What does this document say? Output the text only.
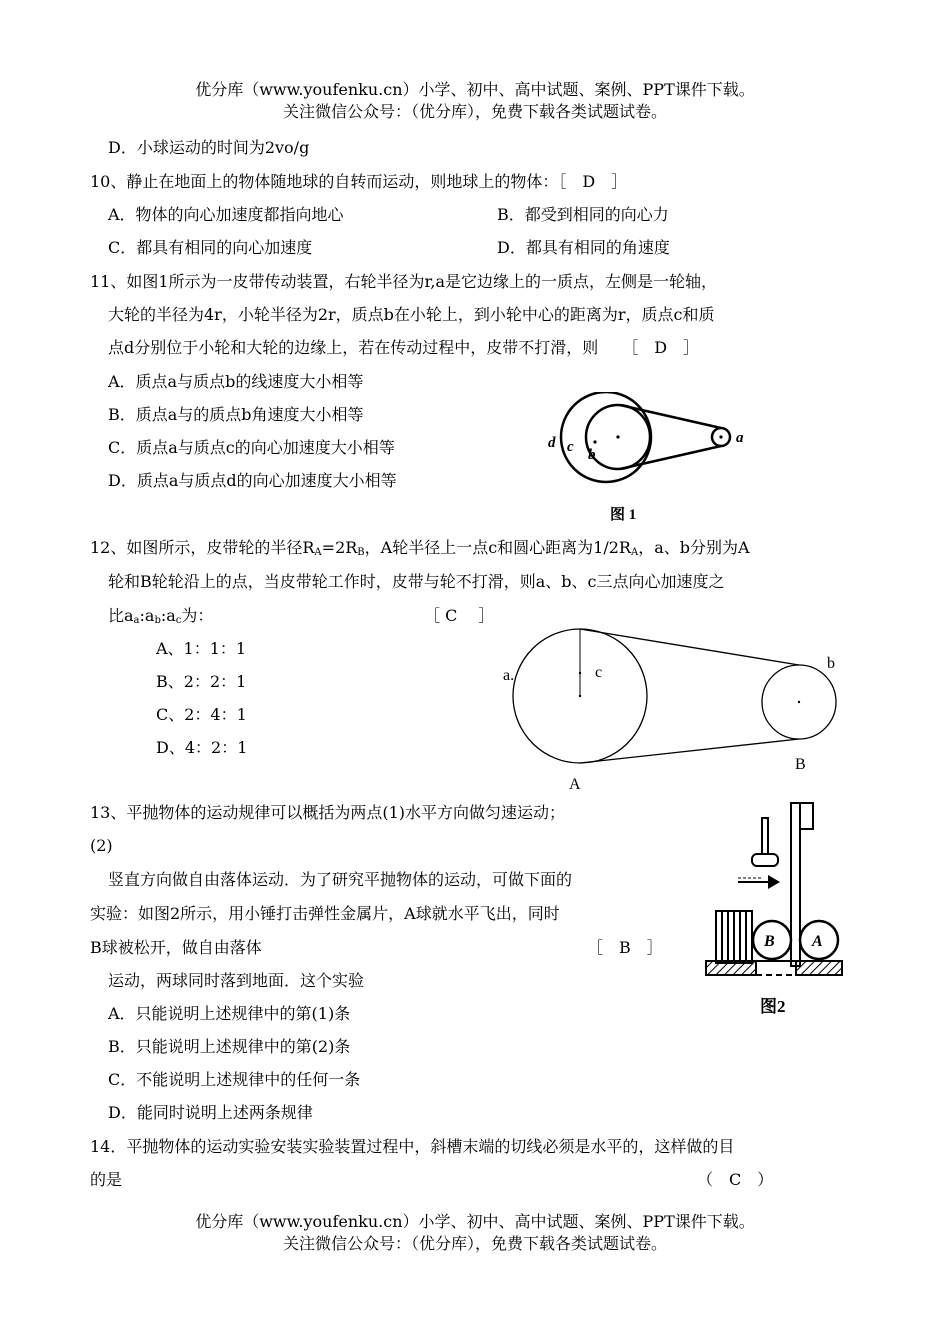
优分库（www.youfenku.cn）小学、初中、高中试题、案例、PPT课件下载。
关注微信公众号：（优分库），免费下载各类试题试卷。
D．小球运动的时间为2vo/g
10、静止在地面上的物体随地球的自转而运动，则地球上的物体：［　D　］
A．物体的向心加速度都指向地心	B．都受到相同的向心力
C．都具有相同的向心加速度	D．都具有相同的角速度
11、如图1所示为一皮带传动装置，右轮半径为r,a是它边缘上的一质点，左侧是一轮轴，
大轮的半径为4r，小轮半径为2r，质点b在小轮上，到小轮中心的距离为r，质点c和质
点d分别位于小轮和大轮的边缘上，若在传动过程中，皮带不打滑，则　　［　D　］
A．质点a与质点b的线速度大小相等
B．质点a与的质点b角速度大小相等
C．质点a与质点c的向心加速度大小相等
D．质点a与质点d的向心加速度大小相等
a
b
c
d
图 1
12、如图所示，皮带轮的半径$R_A=2R_B$，A轮半径上一点c和圆心距离为$1/2R_A$，a、b分别为A
轮和B轮轮沿上的点，当皮带轮工作时，皮带与轮不打滑，则a、b、c三点向心加速度之
比$a_a:a_b:a_c$为：	［ C　 ］
A、1：1：1
B、2：2：1
C、2：4：1
D、4：2：1
a.	c
b
A
B
13、平抛物体的运动规律可以概括为两点(1)水平方向做匀速运动；
(2)
竖直方向做自由落体运动．为了研究平抛物体的运动，可做下面的
实验：如图2所示，用小锤打击弹性金属片，A球就水平飞出，同时
B球被松开，做自由落体	［　B　］
运动，两球同时落到地面．这个实验
A．只能说明上述规律中的第(1)条
B．只能说明上述规律中的第(2)条
C．不能说明上述规律中的任何一条
D．能同时说明上述两条规律
B A
图2
14．平抛物体的运动实验安装实验装置过程中，斜槽末端的切线必须是水平的，这样做的目
的是	（　C　）
优分库（www.youfenku.cn）小学、初中、高中试题、案例、PPT课件下载。
关注微信公众号：（优分库），免费下载各类试题试卷。
